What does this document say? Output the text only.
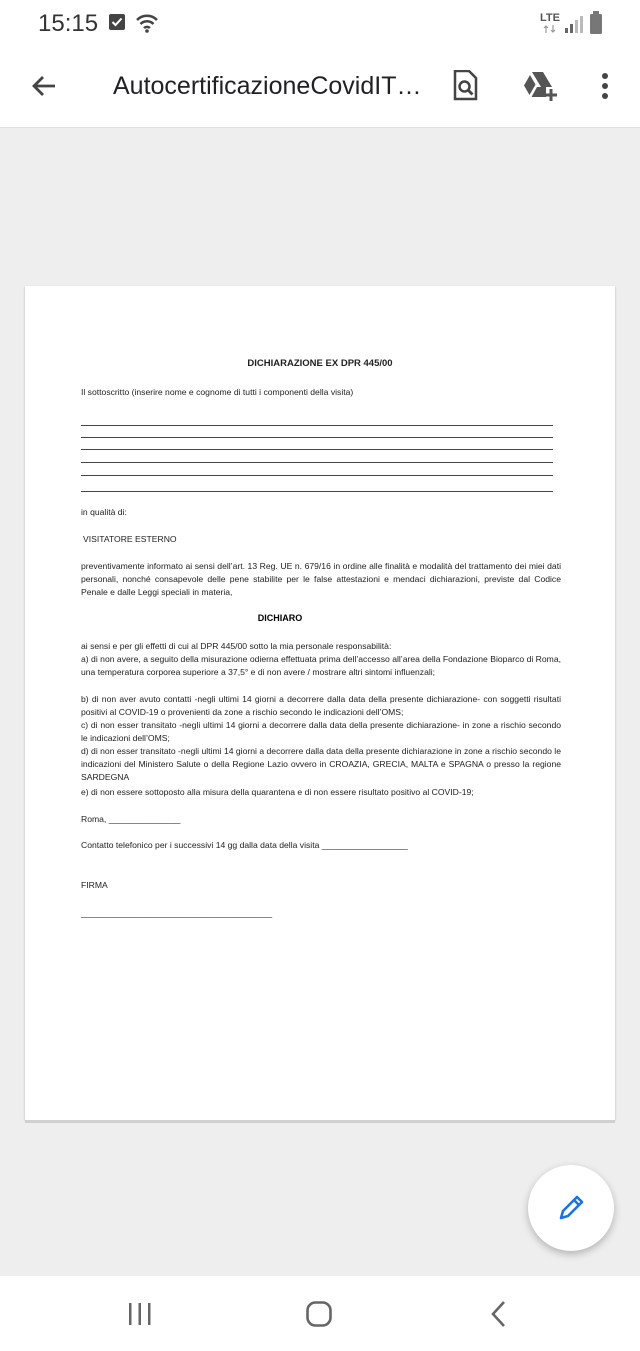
15:15	LTE
AutocertificazioneCovidIT…
DICHIARAZIONE EX DPR 445/00
Il sottoscritto (inserire nome e cognome di tutti i componenti della visita)
in qualità di:
VISITATORE ESTERNO
preventivamente informato ai sensi dell’art. 13 Reg. UE n. 679/16 in ordine alle finalità e modalità del trattamento dei miei dati personali, nonché consapevole delle pene stabilite per le false attestazioni e mendaci dichiarazioni, previste dal Codice Penale e dalle Leggi speciali in materia,
DICHIARO
ai sensi e per gli effetti di cui al DPR 445/00 sotto la mia personale responsabilità:
a) di non avere, a seguito della misurazione odierna effettuata prima dell’accesso all’area della Fondazione Bioparco di Roma, una temperatura corporea superiore a 37,5° e di non avere / mostrare altri sintomi influenzali;
b) di non aver avuto contatti -negli ultimi 14 giorni a decorrere dalla data della presente dichiarazione- con soggetti risultati positivi al COVID-19 o provenienti da zone a rischio secondo le indicazioni dell’OMS;
c) di non esser transitato -negli ultimi 14 giorni a decorrere dalla data della presente dichiarazione- in zone a rischio secondo le indicazioni dell’OMS;
d) di non esser transitato -negli ultimi 14 giorni a decorrere dalla data della presente dichiarazione in zone a rischio secondo le indicazioni del Ministero Salute o della Regione Lazio ovvero in CROAZIA, GRECIA, MALTA e SPAGNA o presso la regione SARDEGNA
e) di non essere sottoposto alla misura della quarantena e di non essere risultato positivo al COVID-19;
Roma, _______________
Contatto telefonico per i successivi 14 gg dalla data della visita __________________
FIRMA
________________________________________
